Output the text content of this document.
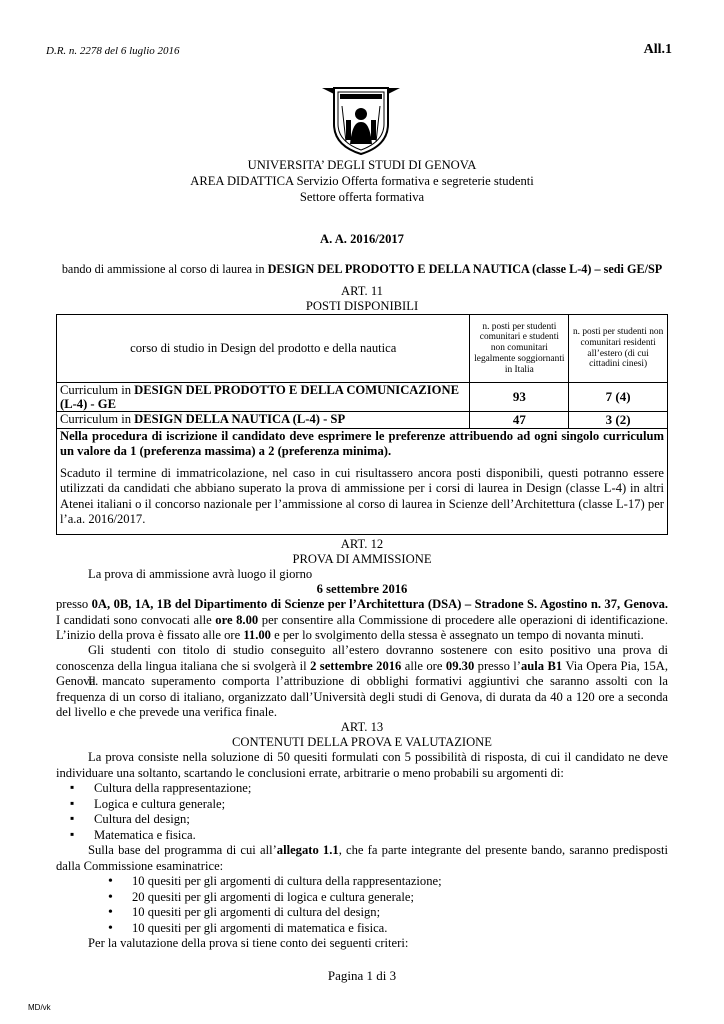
D.R. n. 2278 del 6 luglio 2016	All.1
UNIVERSITA’ DEGLI STUDI DI GENOVA
AREA DIDATTICA Servizio Offerta formativa e segreterie studenti
Settore offerta formativa
A. A. 2016/2017
bando di ammissione al corso di laurea in DESIGN DEL PRODOTTO E DELLA NAUTICA (classe L-4) – sedi GE/SP
ART. 11
POSTI DISPONIBILI
corso di studio in Design del prodotto e della nautica	n. posti per studenti comunitari e studenti non comunitari legalmente soggiornanti in Italia	n. posti per studenti non comunitari residenti all’estero (di cui cittadini cinesi)
Curriculum in DESIGN DEL PRODOTTO E DELLA COMUNICAZIONE (L-4) - GE	93	7 (4)
Curriculum in DESIGN DELLA NAUTICA (L-4) - SP	47	3 (2)

Nella procedura di iscrizione il candidato deve esprimere le preferenze attribuendo ad ogni singolo curriculum un valore da 1 (preferenza massima) a 2 (preferenza minima).
Scaduto il termine di immatricolazione, nel caso in cui risultassero ancora posti disponibili, questi potranno essere utilizzati da candidati che abbiano superato la prova di ammissione per i corsi di laurea in Design (classe L-4) in altri Atenei italiani o il concorso nazionale per l’ammissione al corso di laurea in Scienze dell’Architettura (classe L-17) per l’a.a. 2016/2017.		
ART. 12
PROVA DI AMMISSIONE
La prova di ammissione avrà luogo il giorno
6 settembre 2016
presso 0A, 0B, 1A, 1B del Dipartimento di Scienze per l’Architettura (DSA) – Stradone S. Agostino n. 37, Genova. I candidati sono convocati alle ore 8.00 per consentire alla Commissione di procedere alle operazioni di identificazione. L’inizio della prova è fissato alle ore 11.00 e per lo svolgimento della stessa è assegnato un tempo di novanta minuti.
Gli studenti con titolo di studio conseguito all’estero dovranno sostenere con esito positivo una prova di conoscenza della lingua italiana che si svolgerà il 2 settembre 2016 alle ore 09.30 presso l’aula B1 Via Opera Pia, 15A, Genova.
Il mancato superamento comporta l’attribuzione di obblighi formativi aggiuntivi che saranno assolti con la frequenza di un corso di italiano, organizzato dall’Università degli studi di Genova, di durata da 40 a 120 ore a seconda del livello e che prevede una verifica finale.
ART. 13
CONTENUTI DELLA PROVA E VALUTAZIONE
La prova consiste nella soluzione di 50 quesiti formulati con 5 possibilità di risposta, di cui il candidato ne deve individuare una soltanto, scartando le conclusioni errate, arbitrarie o meno probabili su argomenti di:
▪ Cultura della rappresentazione;
▪ Logica e cultura generale;
▪ Cultura del design;
▪ Matematica e fisica.
Sulla base del programma di cui all’allegato 1.1, che fa parte integrante del presente bando, saranno predisposti dalla Commissione esaminatrice:
• 10 quesiti per gli argomenti di cultura della rappresentazione;
• 20 quesiti per gli argomenti di logica e cultura generale;
• 10 quesiti per gli argomenti di cultura del design;
• 10 quesiti per gli argomenti di matematica e fisica.
Per la valutazione della prova si tiene conto dei seguenti criteri:
Pagina 1 di 3
MD/vk
